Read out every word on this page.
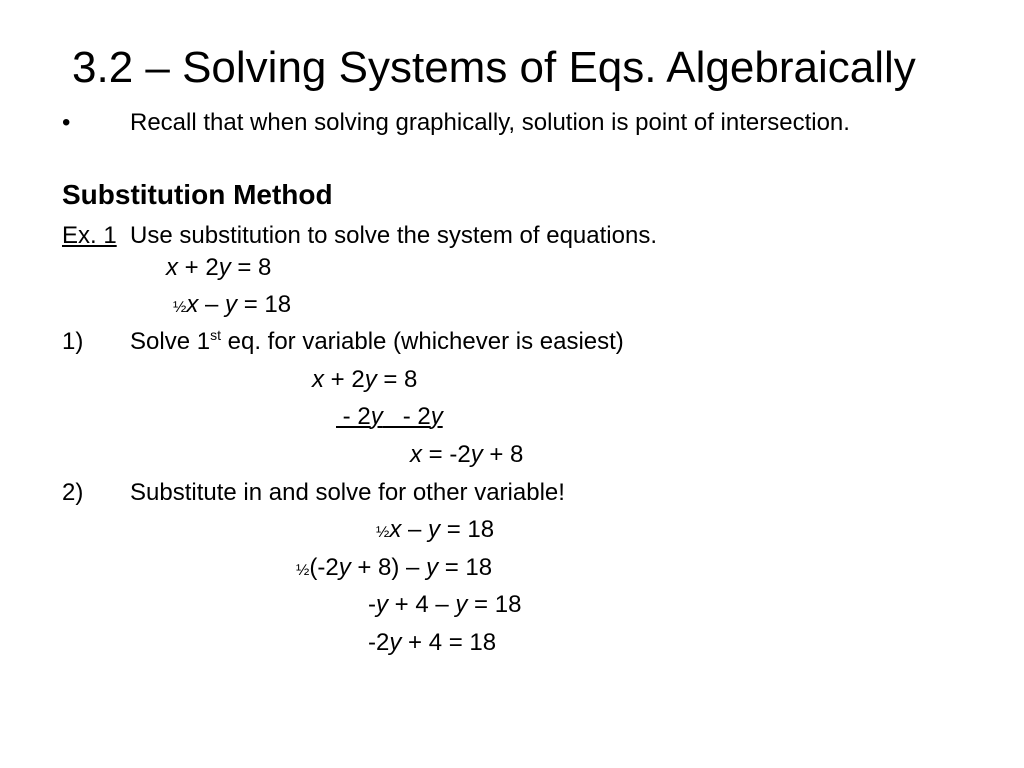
3.2 – Solving Systems of Eqs. Algebraically
• Recall that when solving graphically, solution is point of intersection.
Substitution Method
Ex. 1 Use substitution to solve the system of equations.
x + 2y = 8
½x – y = 18
1) Solve 1st eq. for variable (whichever is easiest)
x + 2y = 8
- 2y   - 2y
x = -2y + 8
2) Substitute in and solve for other variable!
½x – y = 18
½(-2y + 8) – y = 18
-y + 4 – y = 18
-2y + 4 = 18
